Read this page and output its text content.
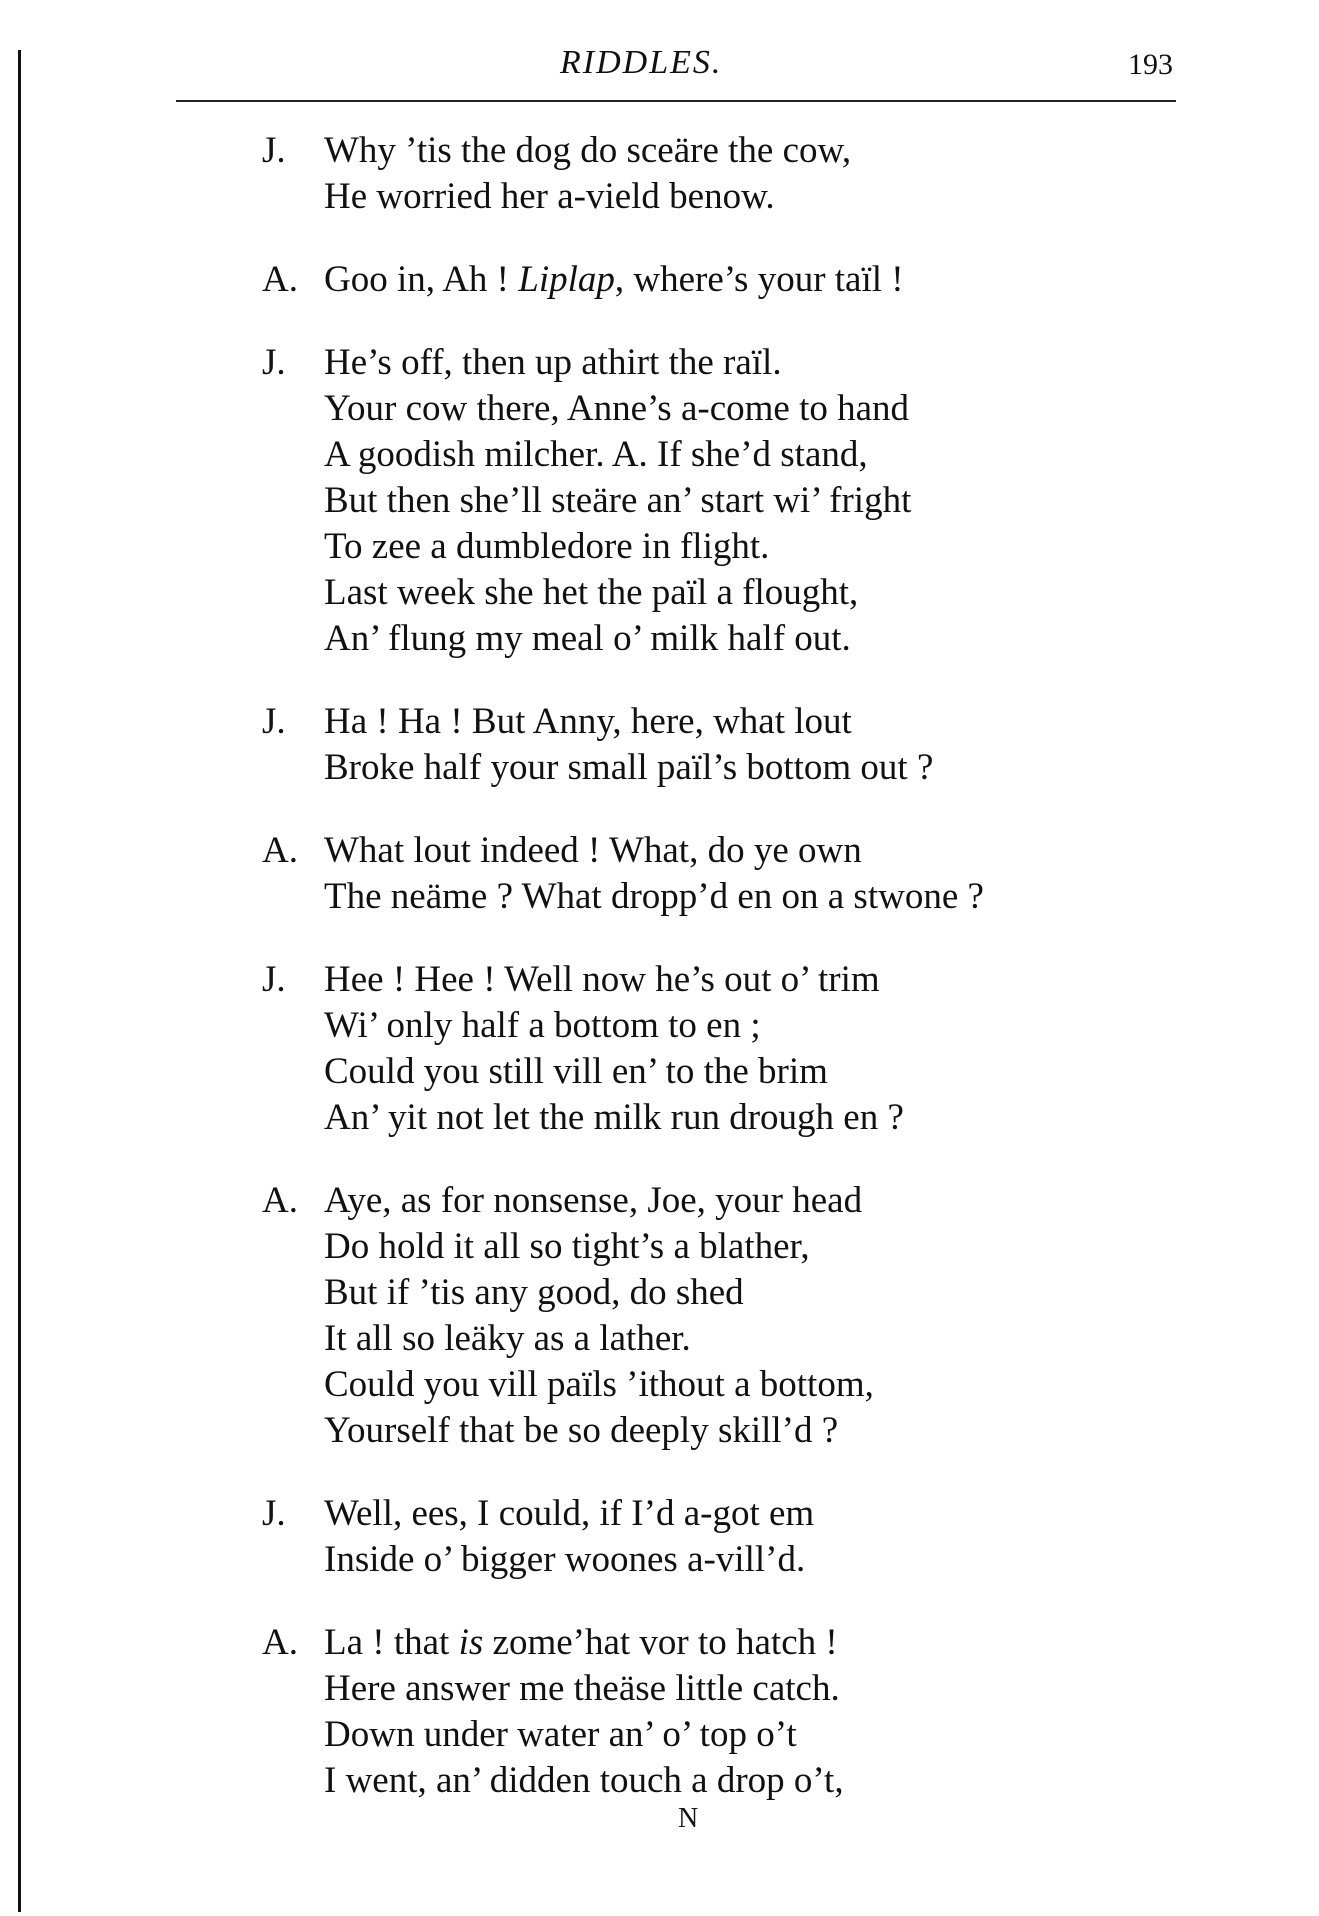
RIDDLES.	193
J.	Why ’tis the dog do sceäre the cow,
He worried her a-vield benow.
A. Goo in, Ah ! Liplap, where’s your taïl !
J.	He’s off, then up athirt the raïl.
Your cow there, Anne’s a-come to hand
A goodish milcher. A. If she’d stand,
But then she’ll steäre an’ start wi’ fright
To zee a dumbledore in flight.
Last week she het the païl a flought,
An’ flung my meal o’ milk half out.
J.	Ha ! Ha ! But Anny, here, what lout
Broke half your small païl’s bottom out ?
A. What lout indeed ! What, do ye own
The neäme ? What dropp’d en on a stwone ?
J.	Hee ! Hee ! Well now he’s out o’ trim
Wi’ only half a bottom to en ;
Could you still vill en’ to the brim
An’ yit not let the milk run drough en ?
A. Aye, as for nonsense, Joe, your head
Do hold it all so tight’s a blather,
But if ’tis any good, do shed
It all so leäky as a lather.
Could you vill païls ’ithout a bottom,
Yourself that be so deeply skill’d ?
J.	Well, ees, I could, if I’d a-got em
Inside o’ bigger woones a-vill’d.
A. La ! that is zome’hat vor to hatch !
Here answer me theäse little catch.
Down under water an’ o’ top o’t
I went, an’ didden touch a drop o’t,
N
